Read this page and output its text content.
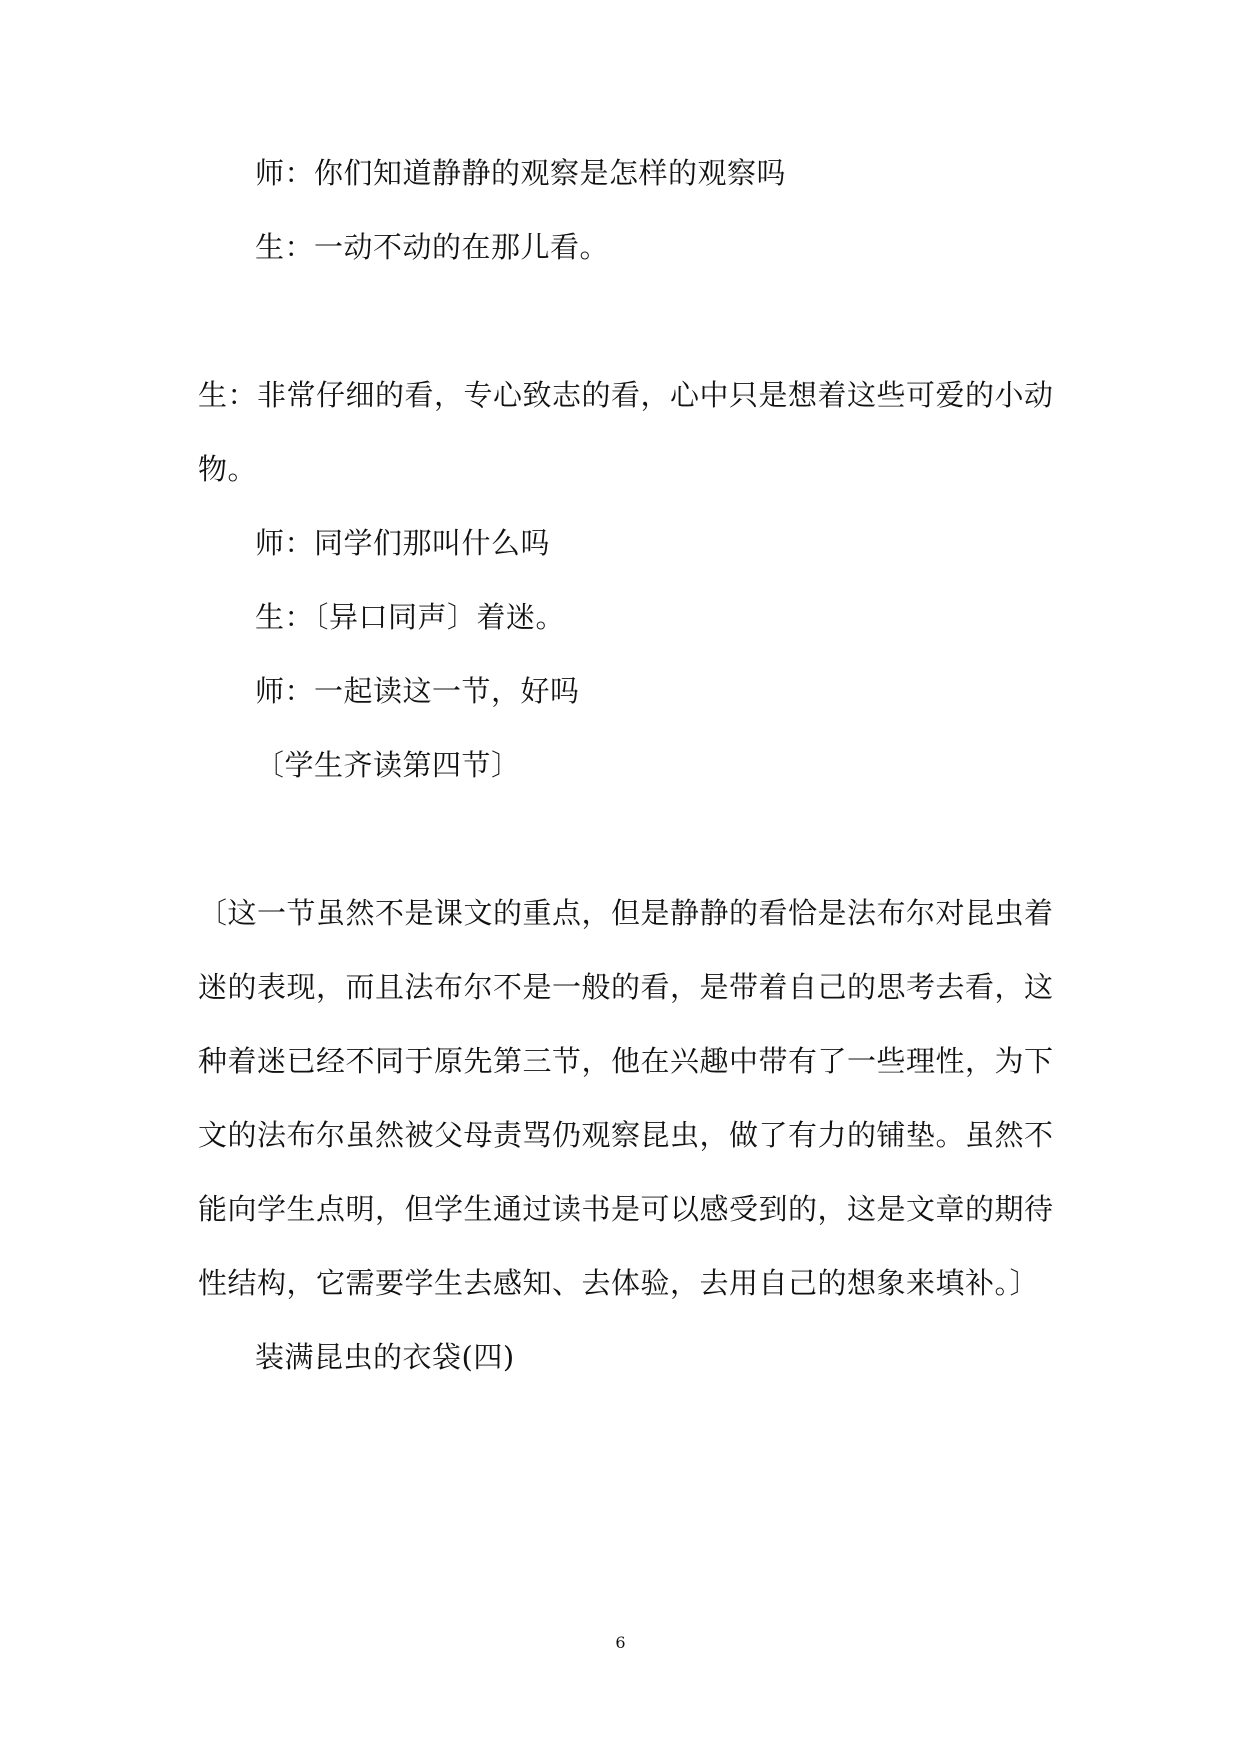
师：你们知道静静的观察是怎样的观察吗
生：一动不动的在那儿看。
生：非常仔细的看，专心致志的看，心中只是想着这些可爱的小动
物。
师：同学们那叫什么吗
生：〔异口同声〕着迷。
师：一起读这一节，好吗
〔学生齐读第四节〕
〔这一节虽然不是课文的重点，但是静静的看恰是法布尔对昆虫着
迷的表现，而且法布尔不是一般的看，是带着自己的思考去看，这
种着迷已经不同于原先第三节，他在兴趣中带有了一些理性，为下
文的法布尔虽然被父母责骂仍观察昆虫，做了有力的铺垫。虽然不
能向学生点明，但学生通过读书是可以感受到的，这是文章的期待
性结构，它需要学生去感知、去体验，去用自己的想象来填补。〕
装满昆虫的衣袋(四)
6
